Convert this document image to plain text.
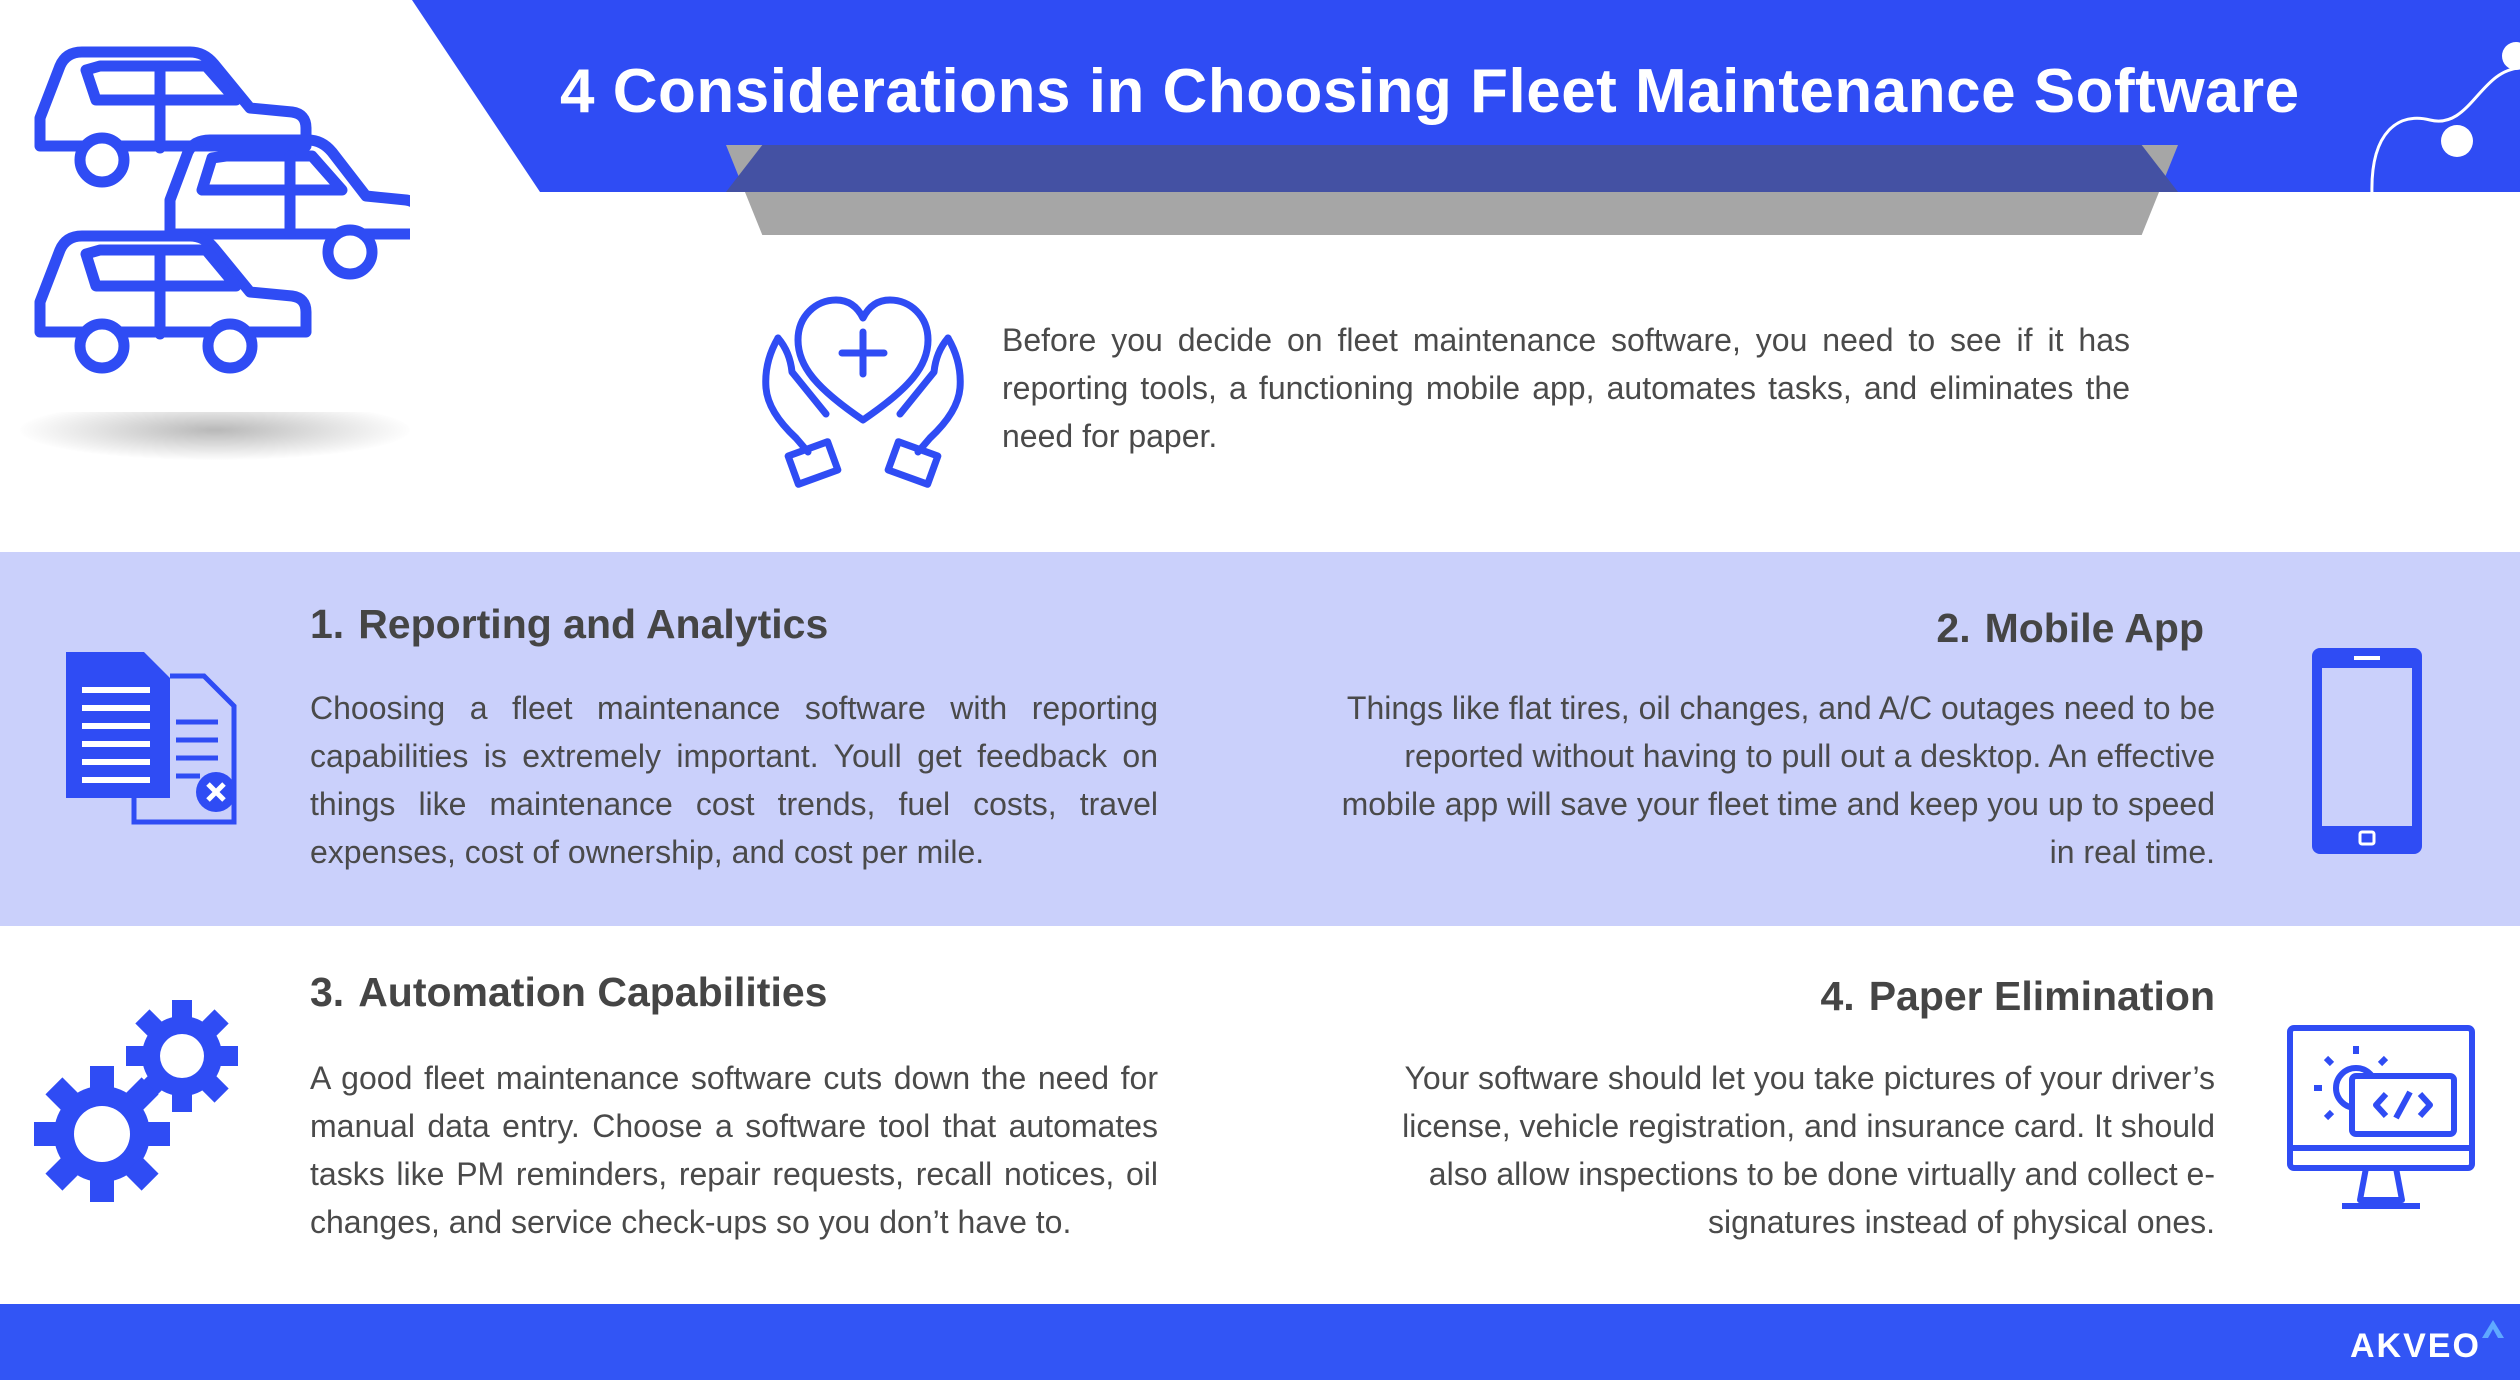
4 Considerations in Choosing Fleet Maintenance Software
Before you decide on fleet maintenance software, you need to see if it has reporting tools, a functioning mobile app, automates tasks, and eliminates the need for paper.
1. Reporting and Analytics
Choosing a fleet maintenance software with reporting capabilities is extremely important. Youll get feedback on things like maintenance cost trends, fuel costs, travel expenses, cost of ownership, and cost per mile.
2. Mobile App
Things like flat tires, oil changes, and A/C outages need to be reported without having to pull out a desktop. An effective mobile app will save your fleet time and keep you up to speed in real time.
3. Automation Capabilities
A good fleet maintenance software cuts down the need for manual data entry. Choose a software tool that automates tasks like PM reminders, repair requests, recall notices, oil changes, and service check-ups so you don’t have to.
4. Paper Elimination
Your software should let you take pictures of your driver’s license, vehicle registration, and insurance card. It should also allow inspections to be done virtually and collect e-signatures instead of physical ones.
AKVEO
